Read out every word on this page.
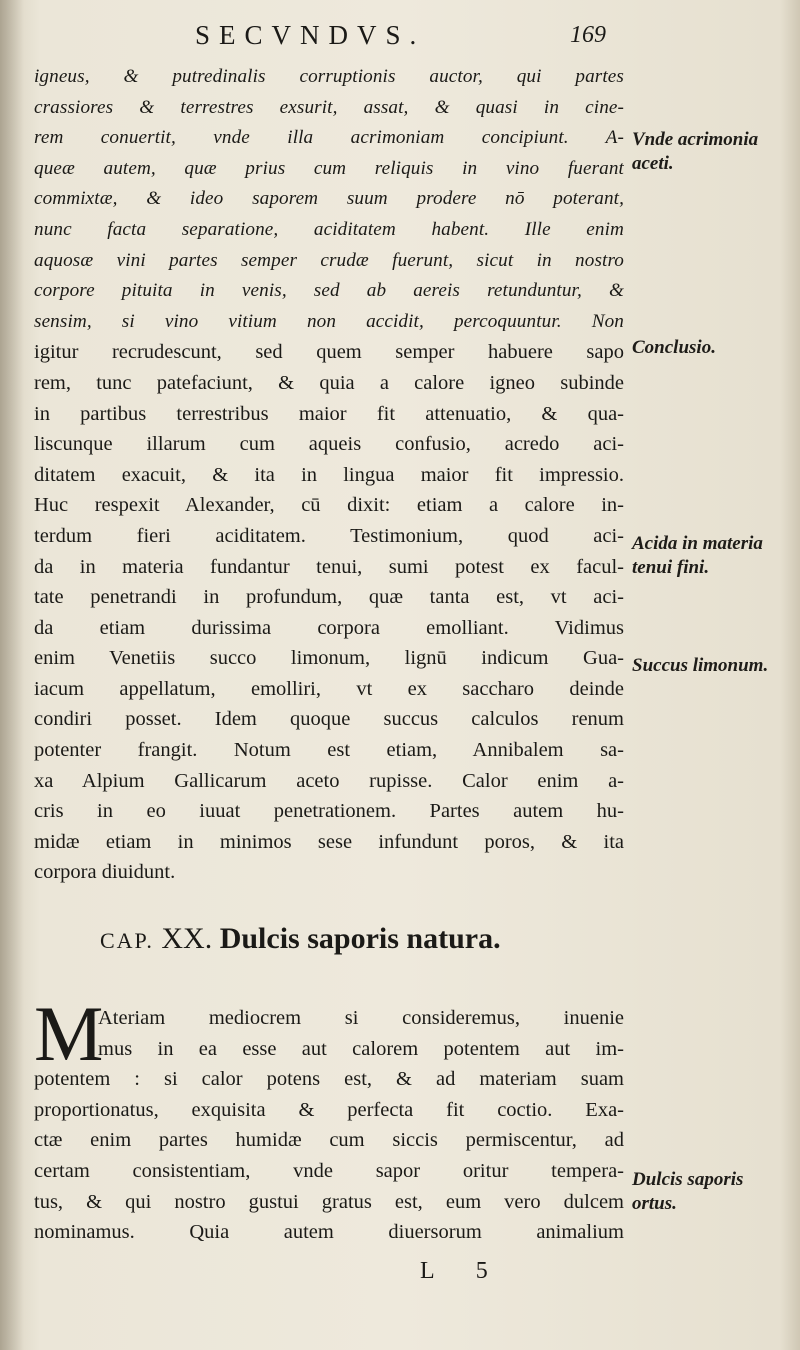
SECVNDVS.	169
igneus, & putredinalis corruptionis auctor, qui partes
crassiores & terrestres exsurit, assat, & quasi in cine-
rem conuertit, vnde illa acrimoniam concipiunt. A-
queæ autem, quæ prius cum reliquis in vino fuerant
commixtæ, & ideo saporem suum prodere nō poterant,
nunc facta separatione, aciditatem habent. Ille enim
aquosæ vini partes semper crudæ fuerunt, sicut in nostro
corpore pituita in venis, sed ab aereis retunduntur, &
sensim, si vino vitium non accidit, percoquuntur. Non
igitur recrudescunt, sed quem semper habuere sapo
rem, tunc patefaciunt, & quia a calore igneo subinde
in partibus terrestribus maior fit attenuatio, & qua-
liscunque illarum cum aqueis confusio, acredo aci-
ditatem exacuit, & ita in lingua maior fit impressio.
Huc respexit Alexander, cū dixit: etiam a calore in-
terdum fieri aciditatem. Testimonium, quod aci-
da in materia fundantur tenui, sumi potest ex facul-
tate penetrandi in profundum, quæ tanta est, vt aci-
da etiam durissima corpora emolliant. Vidimus
enim Venetiis succo limonum, lignū indicum Gua-
iacum appellatum, emolliri, vt ex saccharo deinde
condiri posset. Idem quoque succus calculos renum
potenter frangit. Notum est etiam, Annibalem sa-
xa Alpium Gallicarum aceto rupisse. Calor enim a-
cris in eo iuuat penetrationem. Partes autem hu-
midæ etiam in minimos sese infundunt poros, & ita
corpora diuidunt.
Vnde acrimonia aceti.
Conclusio.
Acida in materia tenui fini.
Succus limonum.
Dulcis saporis ortus.
CAP. XX. Dulcis saporis natura.
M
Ateriam mediocrem si consideremus, inuenie
mus in ea esse aut calorem potentem aut im-
potentem : si calor potens est, & ad materiam suam
proportionatus, exquisita & perfecta fit coctio. Exa-
ctæ enim partes humidæ cum siccis permiscentur, ad
certam consistentiam, vnde sapor oritur tempera-
tus, & qui nostro gustui gratus est, eum vero dulcem
nominamus. Quia autem diuersorum animalium
L 5
